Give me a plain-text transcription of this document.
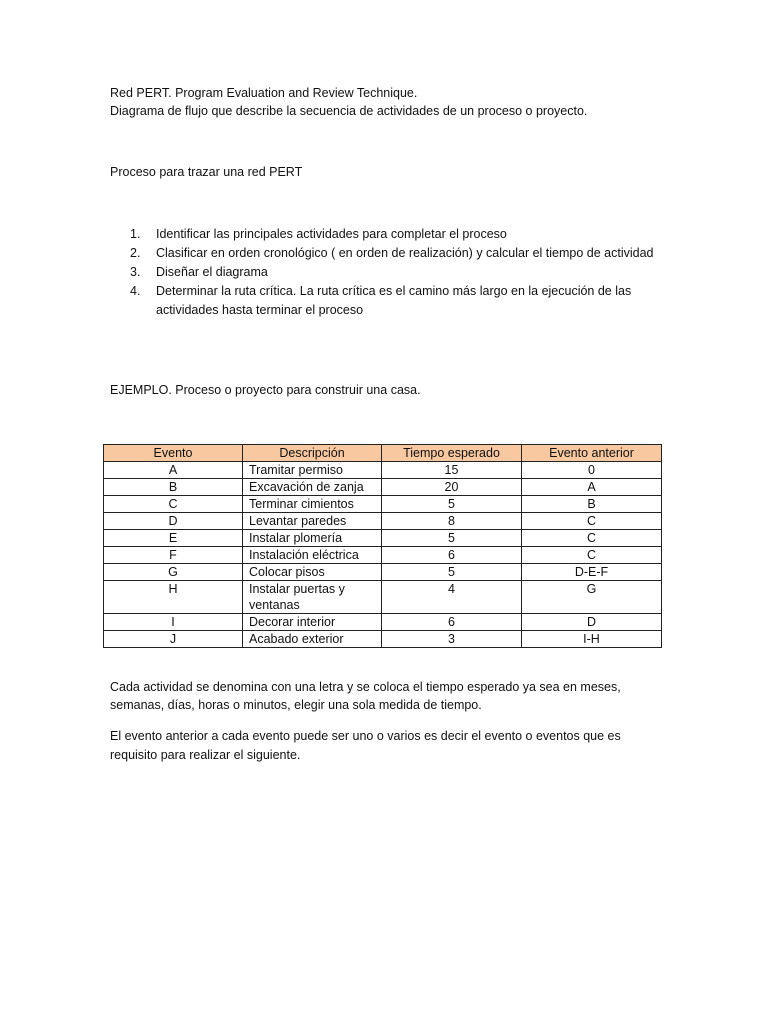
Red PERT. Program Evaluation and Review Technique.
Diagrama de flujo que describe la secuencia de actividades de un proceso o proyecto.
Proceso para trazar una red PERT
1. Identificar las principales actividades para completar el proceso
2. Clasificar en orden cronológico ( en orden de realización) y calcular el tiempo de actividad
3. Diseñar el diagrama
4. Determinar la ruta crítica. La ruta crítica es el camino más largo en la ejecución de las actividades hasta terminar el proceso
EJEMPLO. Proceso o proyecto para construir una casa.
Evento	Descripción	Tiempo esperado	Evento anterior
A	Tramitar permiso	15	0
B	Excavación de zanja	20	A
C	Terminar cimientos	5	B
D	Levantar paredes	8	C
E	Instalar plomería	5	C
F	Instalación eléctrica	6	C
G	Colocar pisos	5	D-E-F
H	Instalar puertas y ventanas	4	G
I	Decorar interior	6	D
J	Acabado exterior	3	I-H
Cada actividad se denomina con una letra y se coloca el tiempo esperado ya sea en meses,
semanas, días, horas o minutos, elegir una sola medida de tiempo.
El evento anterior a cada evento puede ser uno o varios es decir el evento o eventos que es
requisito para realizar el siguiente.
